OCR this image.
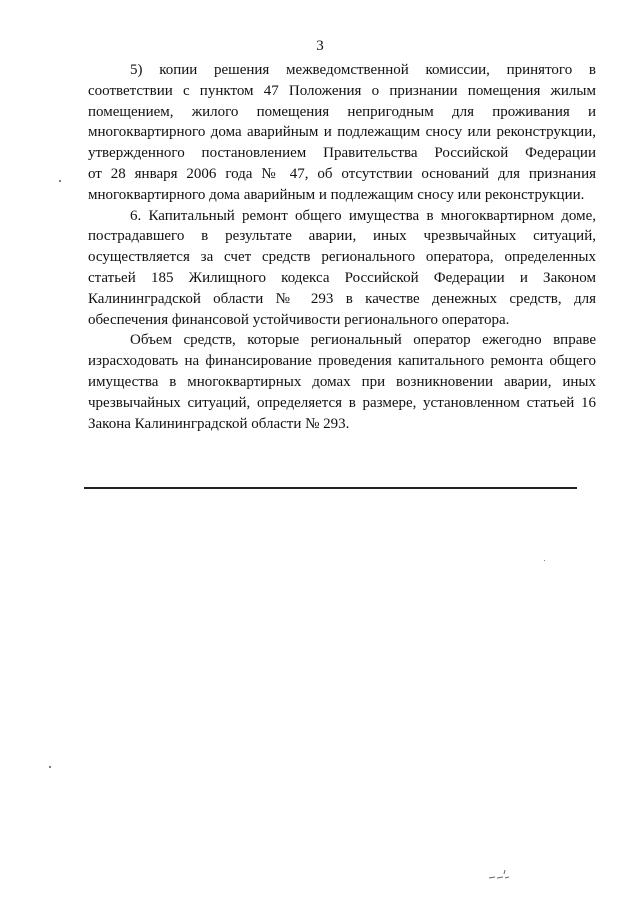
3
5) копии решения межведомственной комиссии, принятого в
соответствии с пунктом 47 Положения о признании помещения жилым
помещением, жилого помещения непригодным для проживания и
многоквартирного дома аварийным и подлежащим сносу или реконструкции,
утвержденного постановлением Правительства Российской Федерации
от 28 января 2006 года № 47, об отсутствии оснований для признания
многоквартирного дома аварийным и подлежащим сносу или реконструкции.
6. Капитальный ремонт общего имущества в многоквартирном доме,
пострадавшего в результате аварии, иных чрезвычайных ситуаций,
осуществляется за счет средств регионального оператора, определенных
статьей 185 Жилищного кодекса Российской Федерации и Законом
Калининградской области № 293 в качестве денежных средств, для
обеспечения финансовой устойчивости регионального оператора.
Объем средств, которые региональный оператор ежегодно вправе
израсходовать на финансирование проведения капитального ремонта общего
имущества в многоквартирных домах при возникновении аварии, иных
чрезвычайных ситуаций, определяется в размере, установленном статьей 16
Закона Калининградской области № 293.
